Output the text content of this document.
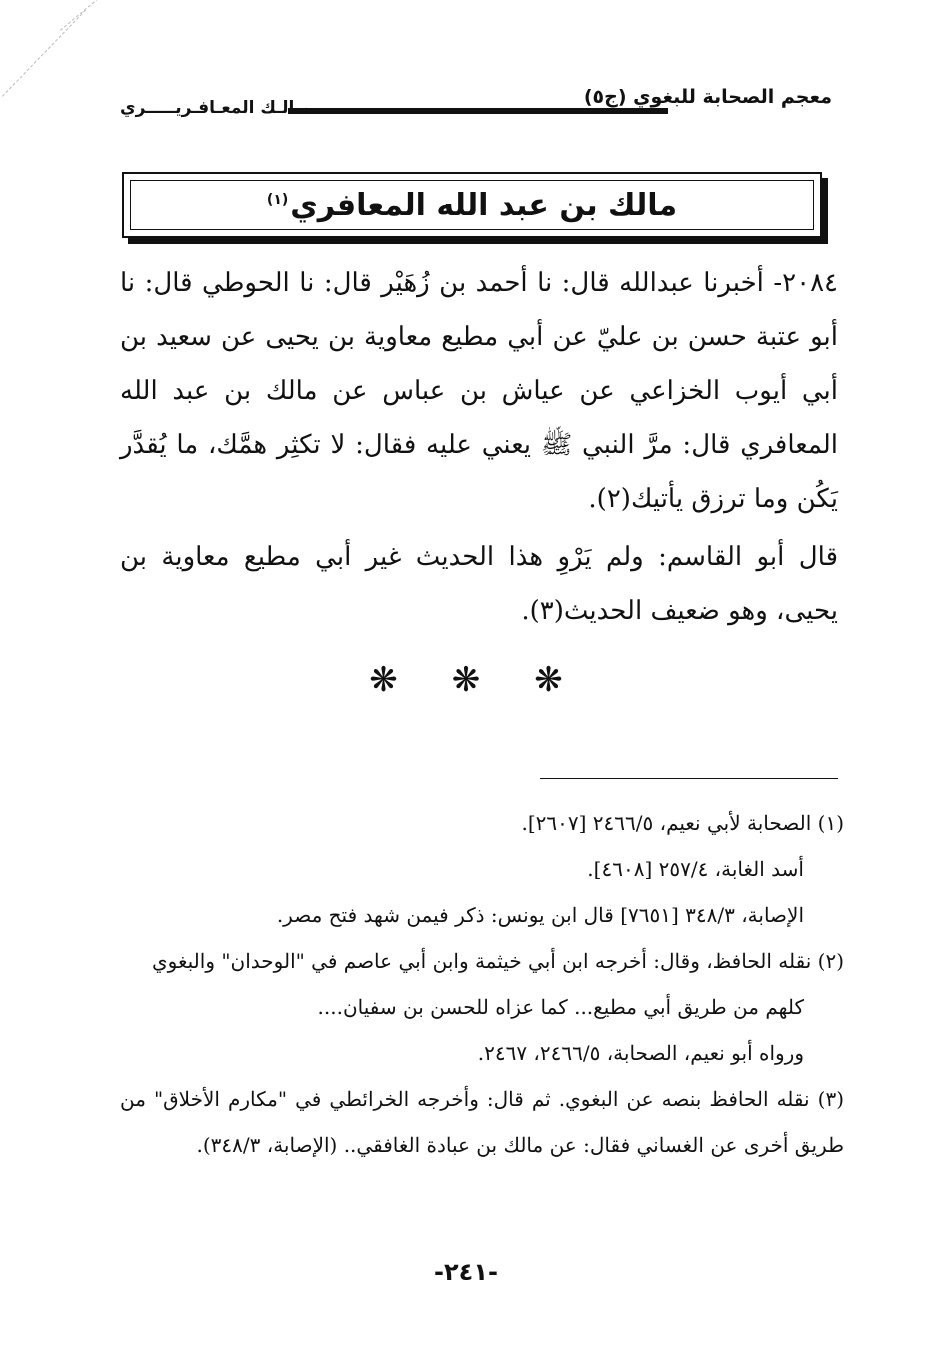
معجم الصحابة للبغوي (ج٥)
مـالـك المعـافـريـــــري
مالك بن عبد الله المعافري$^{(١)}$

٢٠٨٤- أخبرنا عبدالله قال: نا أحمد بن زُهَيْر قال: نا الحوطي قال: نا أبو عتبة حسن بن عليّ عن أبي مطيع معاوية بن يحيى عن سعيد بن أبي أيوب الخزاعي عن عياش بن عباس عن مالك بن عبد الله المعافري قال: مرَّ النبي ﷺ يعني عليه فقال: لا تكثِر همَّك، ما يُقدَّر يَكُن وما ترزق يأتيك(٢).

قال أبو القاسم: ولم يَرْوِ هذا الحديث غير أبي مطيع معاوية بن يحيى، وهو ضعيف الحديث(٣).

❋ ❋ ❋
(١) الصحابة لأبي نعيم، ٢٤٦٦/٥ [٢٦٠٧].
أسد الغابة، ٢٥٧/٤ [٤٦٠٨].
الإصابة، ٣٤٨/٣ [٧٦٥١] قال ابن يونس: ذكر فيمن شهد فتح مصر.
(٢) نقله الحافظ، وقال: أخرجه ابن أبي خيثمة وابن أبي عاصم في "الوحدان" والبغوي
كلهم من طريق أبي مطيع... كما عزاه للحسن بن سفيان....
ورواه أبو نعيم، الصحابة، ٢٤٦٦/٥، ٢٤٦٧.
(٣) نقله الحافظ بنصه عن البغوي. ثم قال: وأخرجه الخرائطي في "مكارم الأخلاق" من طريق أخرى عن الغساني فقال: عن مالك بن عبادة الغافقي.. (الإصابة، ٣٤٨/٣).
-٢٤١-
